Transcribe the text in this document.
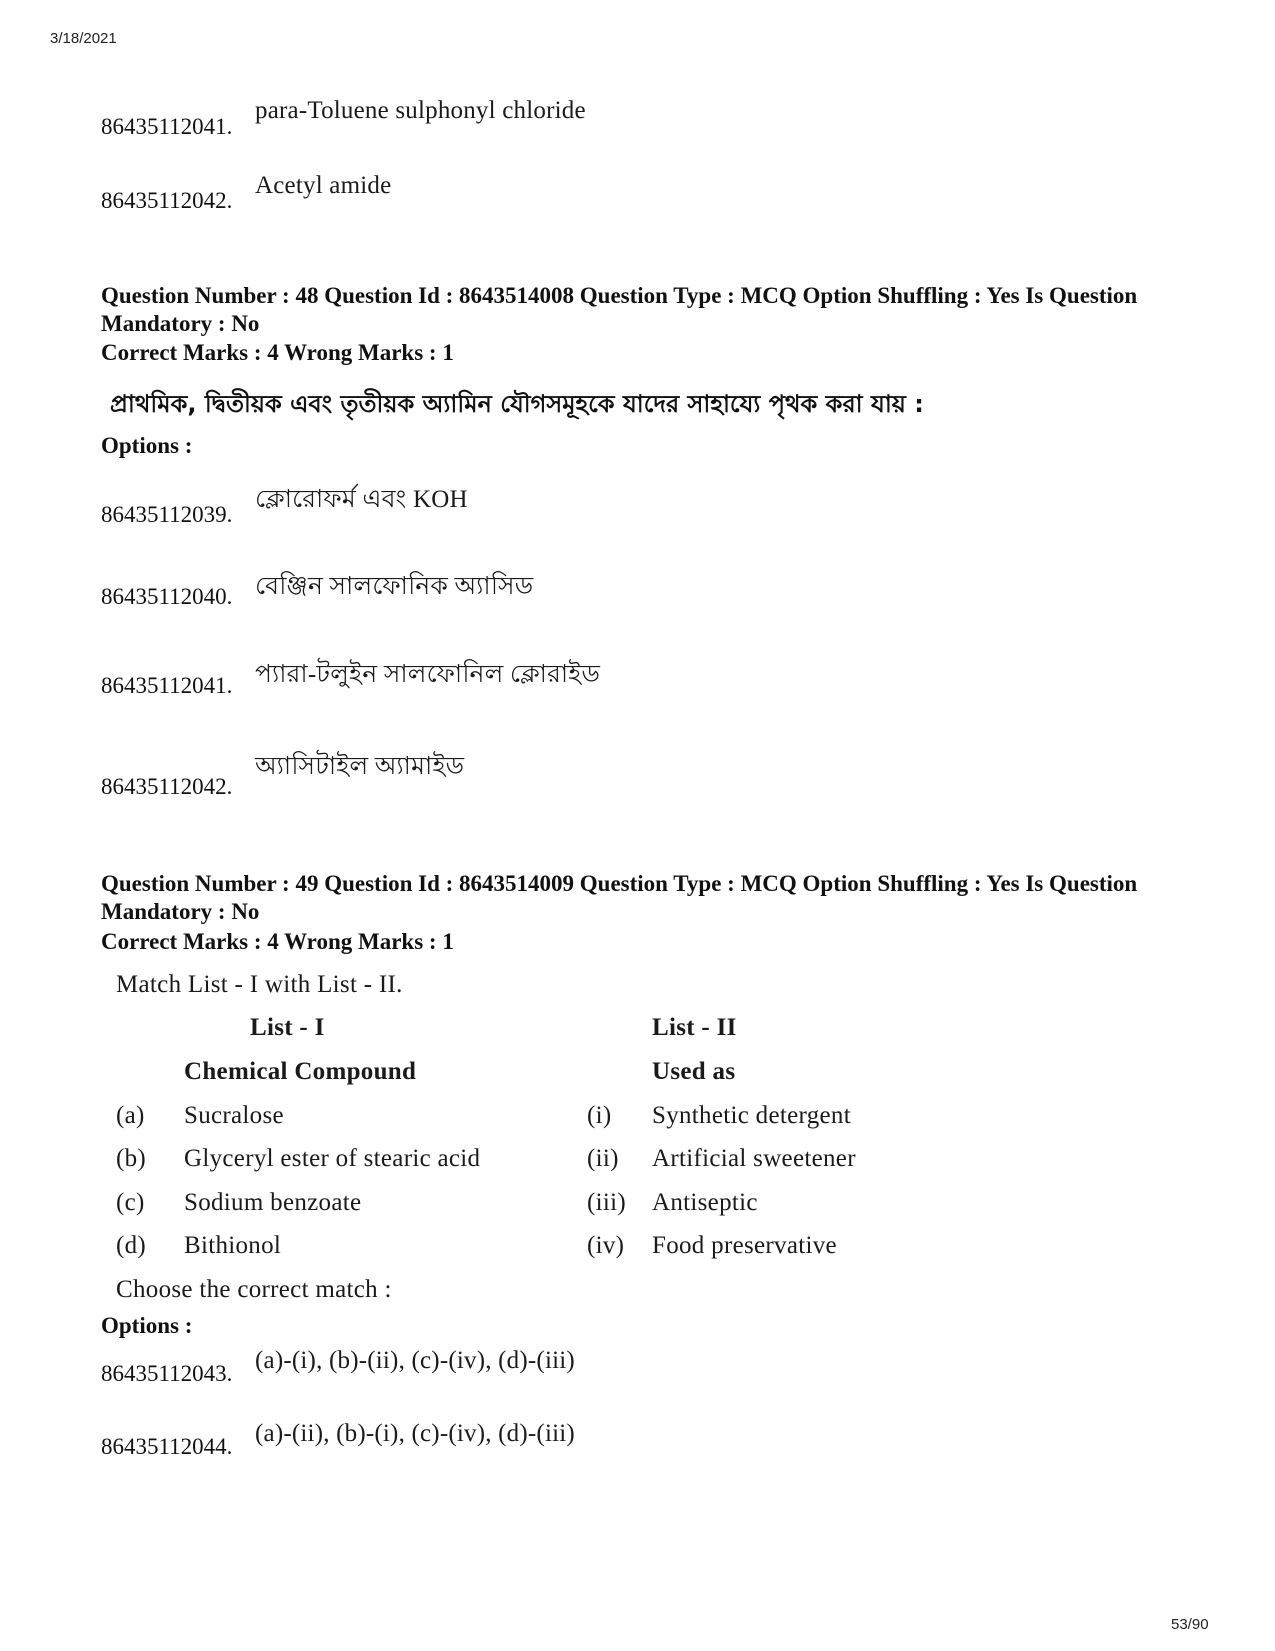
3/18/2021
86435112041.
para-Toluene sulphonyl chloride
86435112042.
Acetyl amide
Question Number : 48 Question Id : 8643514008 Question Type : MCQ Option Shuffling : Yes Is Question Mandatory : No
Correct Marks : 4 Wrong Marks : 1
প্রাথমিক, দ্বিতীয়ক এবং তৃতীয়ক অ্যামিন যৌগসমূহকে যাদের সাহায্যে পৃথক করা যায় :
Options :
86435112039.
ক্লোরোফর্ম এবং KOH
86435112040. বেঞ্জিন সালফোনিক অ্যাসিড
86435112041. প্যারা-টলুইন সালফোনিল ক্লোরাইড
86435112042.
অ্যাসিটাইল অ্যামাইড
Question Number : 49 Question Id : 8643514009 Question Type : MCQ Option Shuffling : Yes Is Question Mandatory : No
Correct Marks : 4 Wrong Marks : 1
Match List - I with List - II.
List - I	List - II
Chemical Compound	Used as
(a) Sucralose	(i) Synthetic detergent
(b) Glyceryl ester of stearic acid	(ii) Artificial sweetener
(c) Sodium benzoate	(iii) Antiseptic
(d) Bithionol	(iv) Food preservative
Choose the correct match :
Options :
86435112043. (a)-(i), (b)-(ii), (c)-(iv), (d)-(iii)
86435112044. (a)-(ii), (b)-(i), (c)-(iv), (d)-(iii)
53/90
